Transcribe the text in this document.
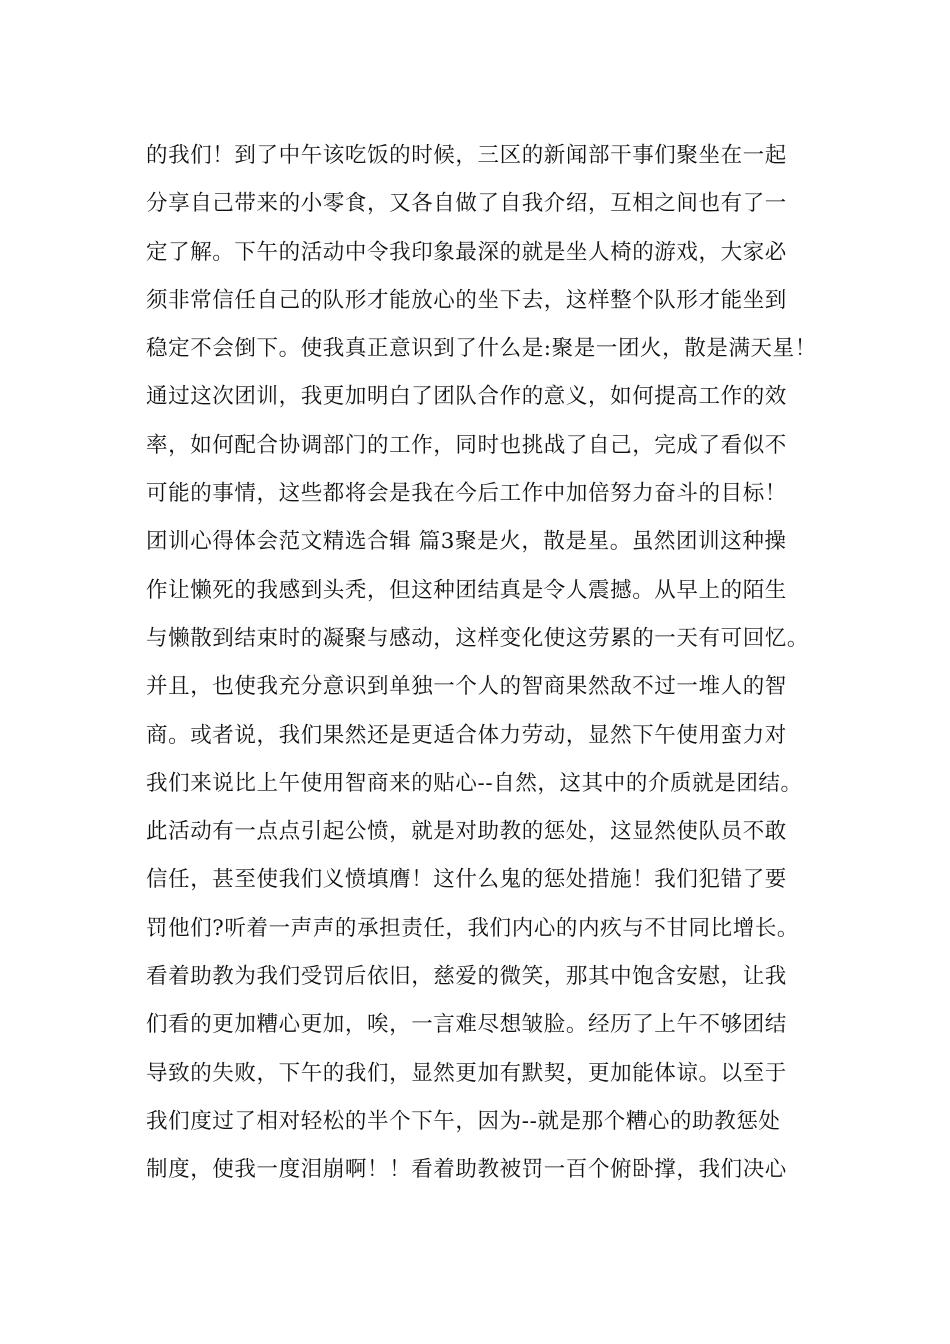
的我们！到了中午该吃饭的时候，三区的新闻部干事们聚坐在一起
分享自己带来的小零食，又各自做了自我介绍，互相之间也有了一
定了解。下午的活动中令我印象最深的就是坐人椅的游戏，大家必
须非常信任自己的队形才能放心的坐下去，这样整个队形才能坐到
稳定不会倒下。使我真正意识到了什么是:聚是一团火，散是满天星！
通过这次团训，我更加明白了团队合作的意义，如何提高工作的效
率，如何配合协调部门的工作，同时也挑战了自己，完成了看似不
可能的事情，这些都将会是我在今后工作中加倍努力奋斗的目标！
团训心得体会范文精选合辑 篇3聚是火，散是星。虽然团训这种操
作让懒死的我感到头秃，但这种团结真是令人震撼。从早上的陌生
与懒散到结束时的凝聚与感动，这样变化使这劳累的一天有可回忆。
并且，也使我充分意识到单独一个人的智商果然敌不过一堆人的智
商。或者说，我们果然还是更适合体力劳动，显然下午使用蛮力对
我们来说比上午使用智商来的贴心--自然，这其中的介质就是团结。
此活动有一点点引起公愤，就是对助教的惩处，这显然使队员不敢
信任，甚至使我们义愤填膺！这什么鬼的惩处措施！我们犯错了要
罚他们?听着一声声的承担责任，我们内心的内疚与不甘同比增长。
看着助教为我们受罚后依旧，慈爱的微笑，那其中饱含安慰，让我
们看的更加糟心更加，唉，一言难尽想皱脸。经历了上午不够团结
导致的失败，下午的我们，显然更加有默契，更加能体谅。以至于
我们度过了相对轻松的半个下午，因为--就是那个糟心的助教惩处
制度，使我一度泪崩啊！！看着助教被罚一百个俯卧撑，我们决心
